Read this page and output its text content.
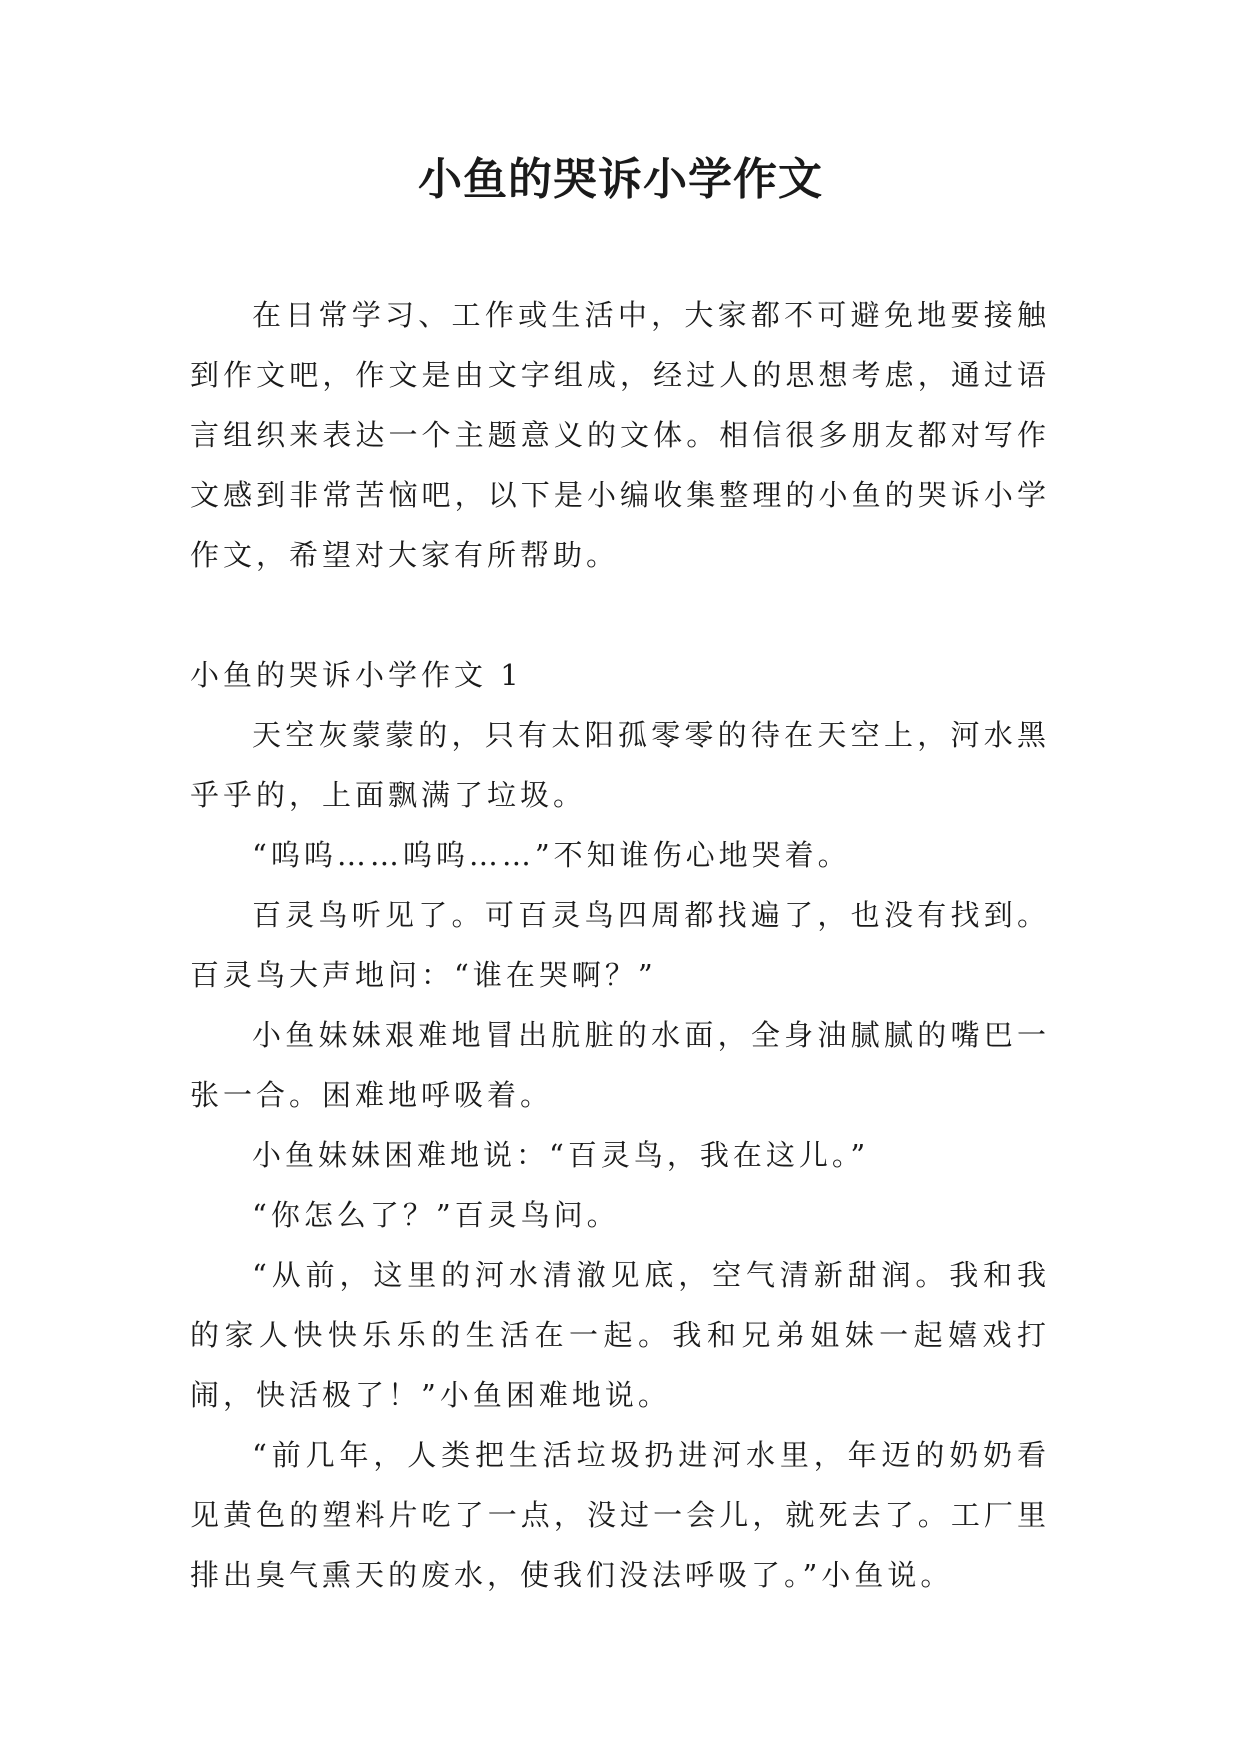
小鱼的哭诉小学作文

在日常学习、工作或生活中，大家都不可避免地要接触到作文吧，作文是由文字组成，经过人的思想考虑，通过语言组织来表达一个主题意义的文体。相信很多朋友都对写作文感到非常苦恼吧，以下是小编收集整理的小鱼的哭诉小学作文，希望对大家有所帮助。

小鱼的哭诉小学作文 1

天空灰蒙蒙的，只有太阳孤零零的待在天空上，河水黑乎乎的，上面飘满了垃圾。

“呜呜……呜呜……”不知谁伤心地哭着。

百灵鸟听见了。可百灵鸟四周都找遍了，也没有找到。百灵鸟大声地问：“谁在哭啊？”

小鱼妹妹艰难地冒出肮脏的水面，全身油腻腻的嘴巴一张一合。困难地呼吸着。

小鱼妹妹困难地说：“百灵鸟，我在这儿。”

“你怎么了？”百灵鸟问。

“从前，这里的河水清澈见底，空气清新甜润。我和我的家人快快乐乐的生活在一起。我和兄弟姐妹一起嬉戏打闹，快活极了！”小鱼困难地说。

“前几年，人类把生活垃圾扔进河水里，年迈的奶奶看见黄色的塑料片吃了一点，没过一会儿，就死去了。工厂里排出臭气熏天的废水，使我们没法呼吸了。”小鱼说。
